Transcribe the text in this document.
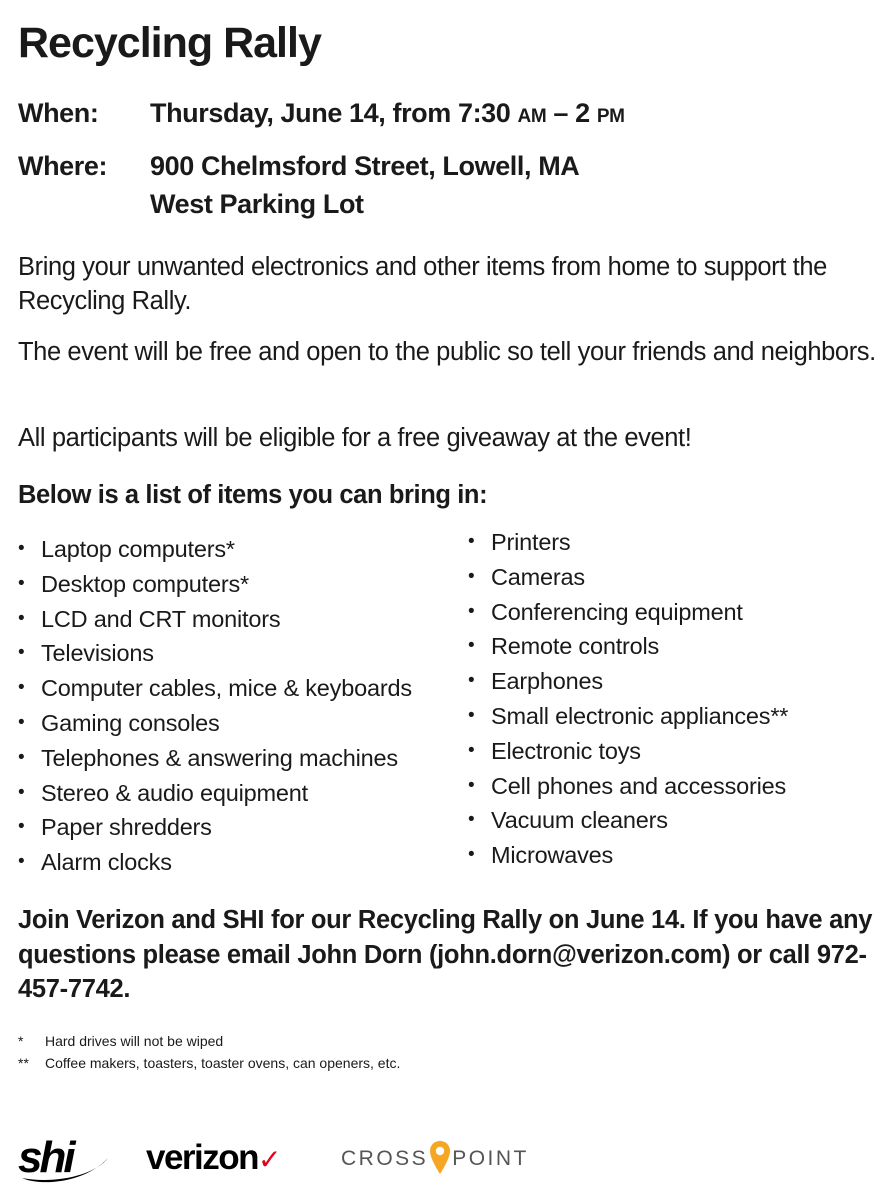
Recycling Rally
When: Thursday, June 14, from 7:30 AM – 2 PM
Where: 900 Chelmsford Street, Lowell, MA
West Parking Lot

Bring your unwanted electronics and other items from home to support the Recycling Rally.

The event will be free and open to the public so tell your friends and neighbors.

All participants will be eligible for a free giveaway at the event!

Below is a list of items you can bring in:
• Laptop computers*
• Desktop computers*
• LCD and CRT monitors
• Televisions
• Computer cables, mice & keyboards
• Gaming consoles
• Telephones & answering machines
• Stereo & audio equipment
• Paper shredders
• Alarm clocks
• Printers
• Cameras
• Conferencing equipment
• Remote controls
• Earphones
• Small electronic appliances**
• Electronic toys
• Cell phones and accessories
• Vacuum cleaners
• Microwaves

Join Verizon and SHI for our Recycling Rally on June 14. If you have any questions please email John Dorn (john.dorn@verizon.com) or call 972-457-7742.

* Hard drives will not be wiped
** Coffee makers, toasters, toaster ovens, can openers, etc.
shi verizon✓	CROSS POINT
